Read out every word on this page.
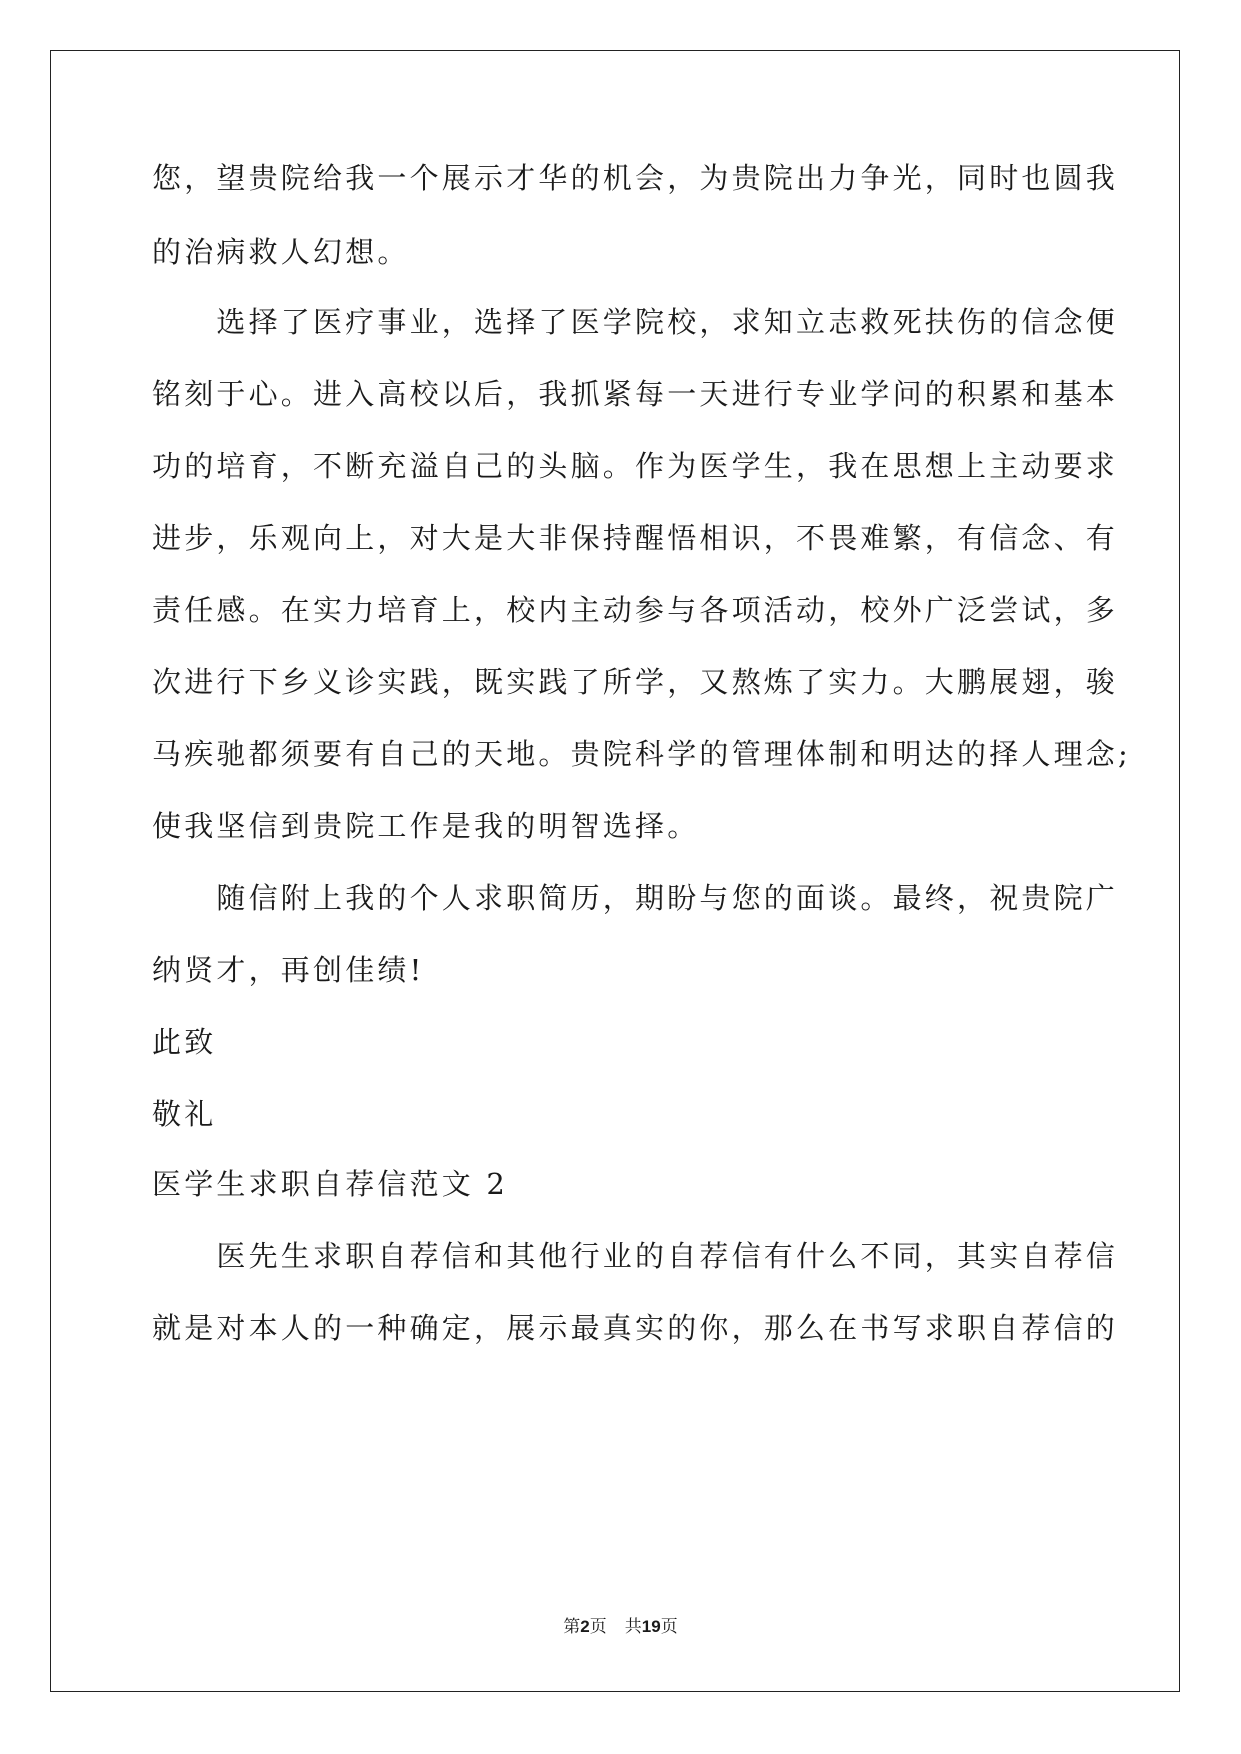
您，望贵院给我一个展示才华的机会，为贵院出力争光，同时也圆我
的治病救人幻想。
　　选择了医疗事业，选择了医学院校，求知立志救死扶伤的信念便
铭刻于心。进入高校以后，我抓紧每一天进行专业学问的积累和基本
功的培育，不断充溢自己的头脑。作为医学生，我在思想上主动要求
进步，乐观向上，对大是大非保持醒悟相识，不畏难繁，有信念、有
责任感。在实力培育上，校内主动参与各项活动，校外广泛尝试，多
次进行下乡义诊实践，既实践了所学，又熬炼了实力。大鹏展翅，骏
马疾驰都须要有自己的天地。贵院科学的管理体制和明达的择人理念;
使我坚信到贵院工作是我的明智选择。
　　随信附上我的个人求职简历，期盼与您的面谈。最终，祝贵院广
纳贤才，再创佳绩!
此致
敬礼
医学生求职自荐信范文 2
　　医先生求职自荐信和其他行业的自荐信有什么不同，其实自荐信
就是对本人的一种确定，展示最真实的你，那么在书写求职自荐信的
第2页 共19页
